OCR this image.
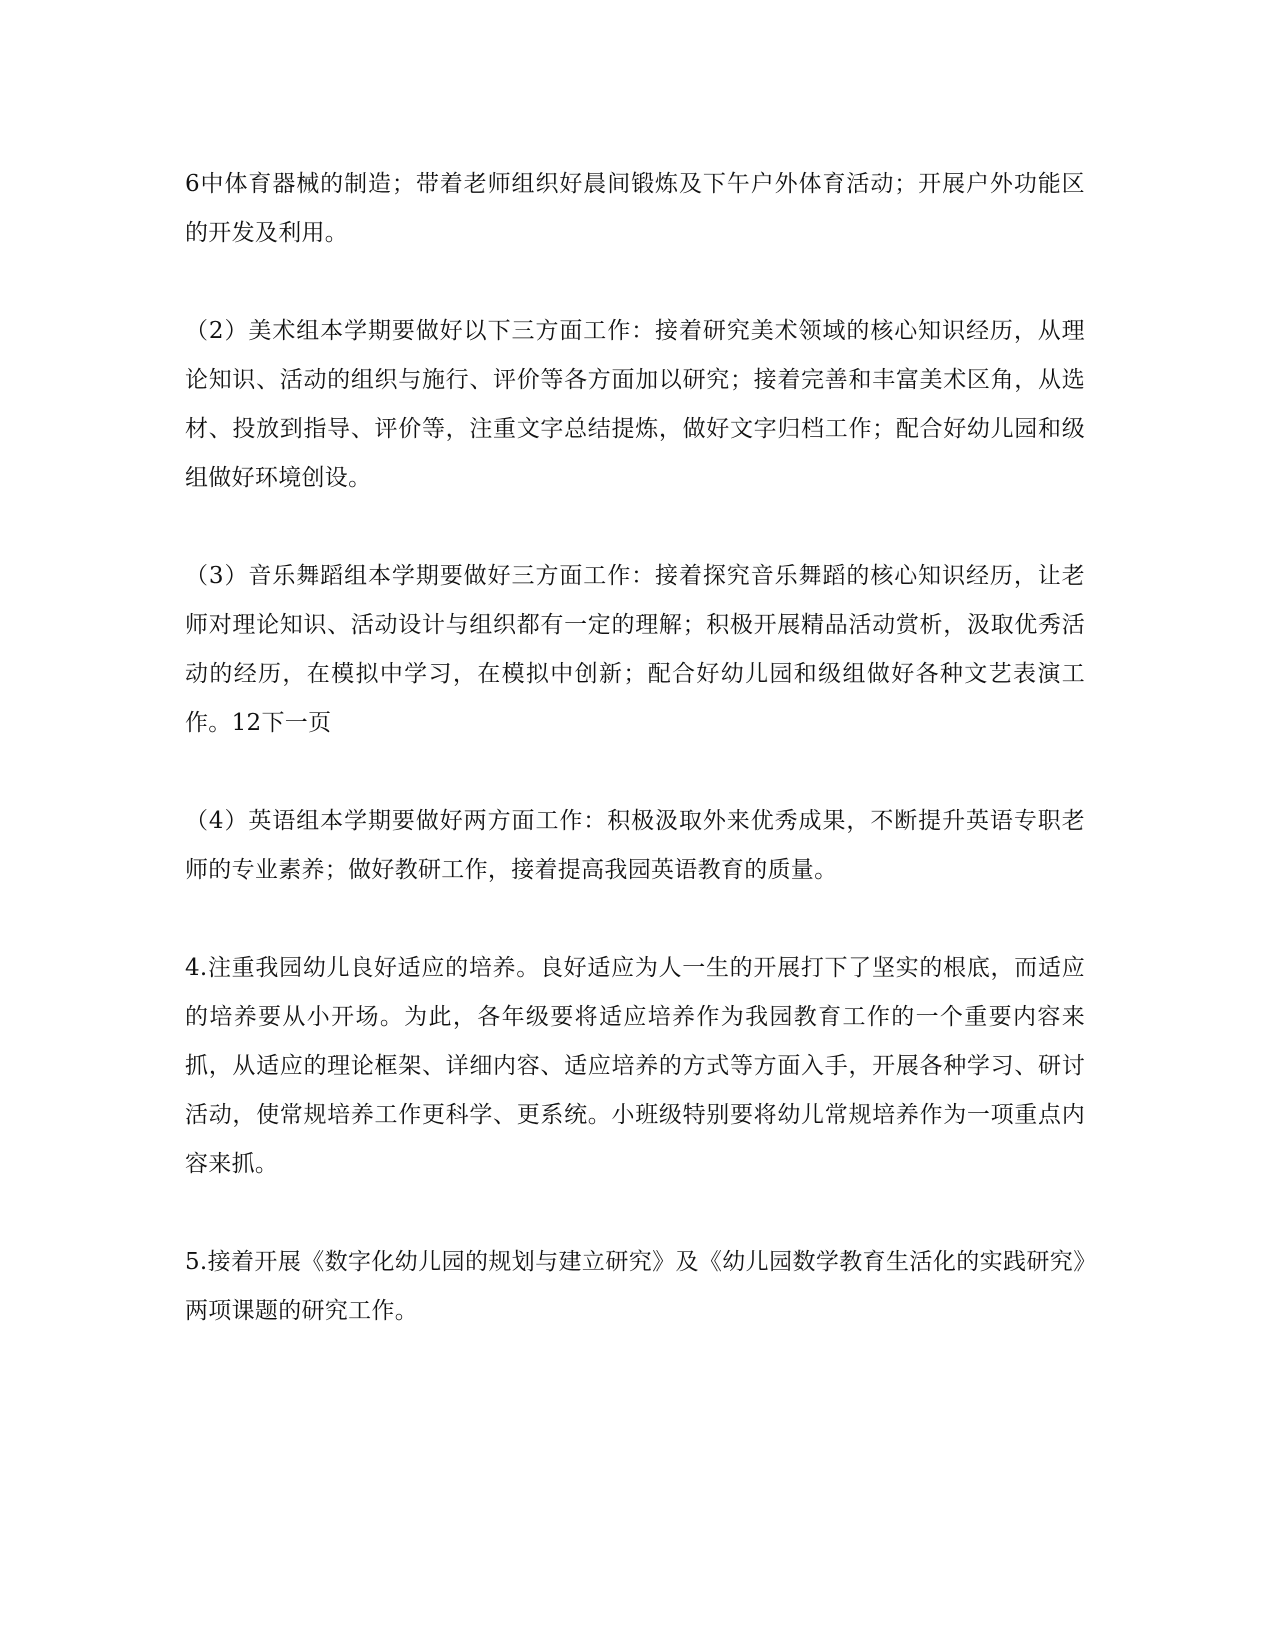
6中体育器械的制造；带着老师组织好晨间锻炼及下午户外体育活动；开展户外功能区的开发及利用。

（2）美术组本学期要做好以下三方面工作：接着研究美术领域的核心知识经历，从理论知识、活动的组织与施行、评价等各方面加以研究；接着完善和丰富美术区角，从选材、投放到指导、评价等，注重文字总结提炼，做好文字归档工作；配合好幼儿园和级组做好环境创设。

（3）音乐舞蹈组本学期要做好三方面工作：接着探究音乐舞蹈的核心知识经历，让老师对理论知识、活动设计与组织都有一定的理解；积极开展精品活动赏析，汲取优秀活动的经历，在模拟中学习，在模拟中创新；配合好幼儿园和级组做好各种文艺表演工作。12下一页

（4）英语组本学期要做好两方面工作：积极汲取外来优秀成果，不断提升英语专职老师的专业素养；做好教研工作，接着提高我园英语教育的质量。

4.注重我园幼儿良好适应的培养。良好适应为人一生的开展打下了坚实的根底，而适应的培养要从小开场。为此，各年级要将适应培养作为我园教育工作的一个重要内容来抓，从适应的理论框架、详细内容、适应培养的方式等方面入手，开展各种学习、研讨活动，使常规培养工作更科学、更系统。小班级特别要将幼儿常规培养作为一项重点内容来抓。

5.接着开展《数字化幼儿园的规划与建立研究》及《幼儿园数学教育生活化的实践研究》两项课题的研究工作。
